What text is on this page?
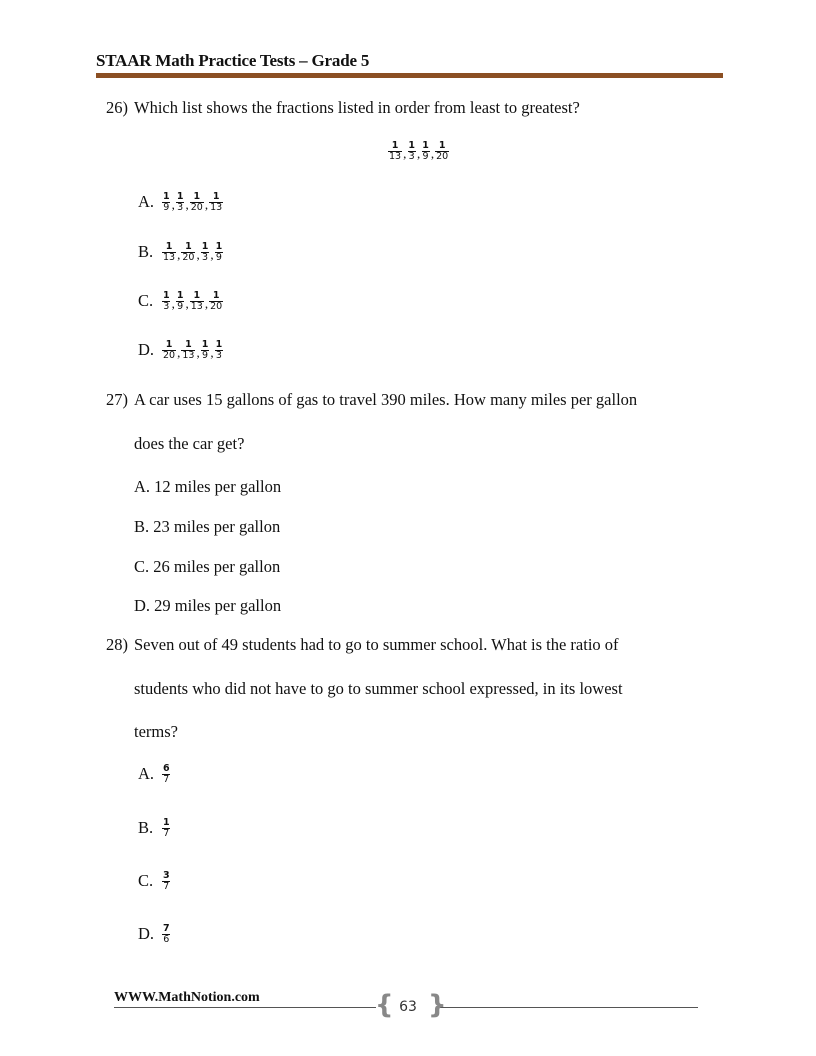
STAAR Math Practice Tests – Grade 5
26) Which list shows the fractions listed in order from least to greatest?
$\frac{1}{13}$ , $\frac{1}{3}$ , $\frac{1}{9}$ , $\frac{1}{20}$
A. $\frac{1}{9}$ , $\frac{1}{3}$ , $\frac{1}{20}$ , $\frac{1}{13}$
B. $\frac{1}{13}$ , $\frac{1}{20}$ , $\frac{1}{3}$ , $\frac{1}{9}$
C. $\frac{1}{3}$ , $\frac{1}{9}$ , $\frac{1}{13}$ , $\frac{1}{20}$
D. $\frac{1}{20}$ , $\frac{1}{13}$ , $\frac{1}{9}$ , $\frac{1}{3}$
27) A car uses 15 gallons of gas to travel 390 miles. How many miles per gallon
does the car get?
A. 12 miles per gallon
B. 23 miles per gallon
C. 26 miles per gallon
D. 29 miles per gallon
28) Seven out of 49 students had to go to summer school. What is the ratio of
students who did not have to go to summer school expressed, in its lowest
terms?
A. $\frac{6}{7}$
B. $\frac{1}{7}$
C. $\frac{3}{7}$
D. $\frac{7}{6}$
WWW.MathNotion.com	{ }
63
